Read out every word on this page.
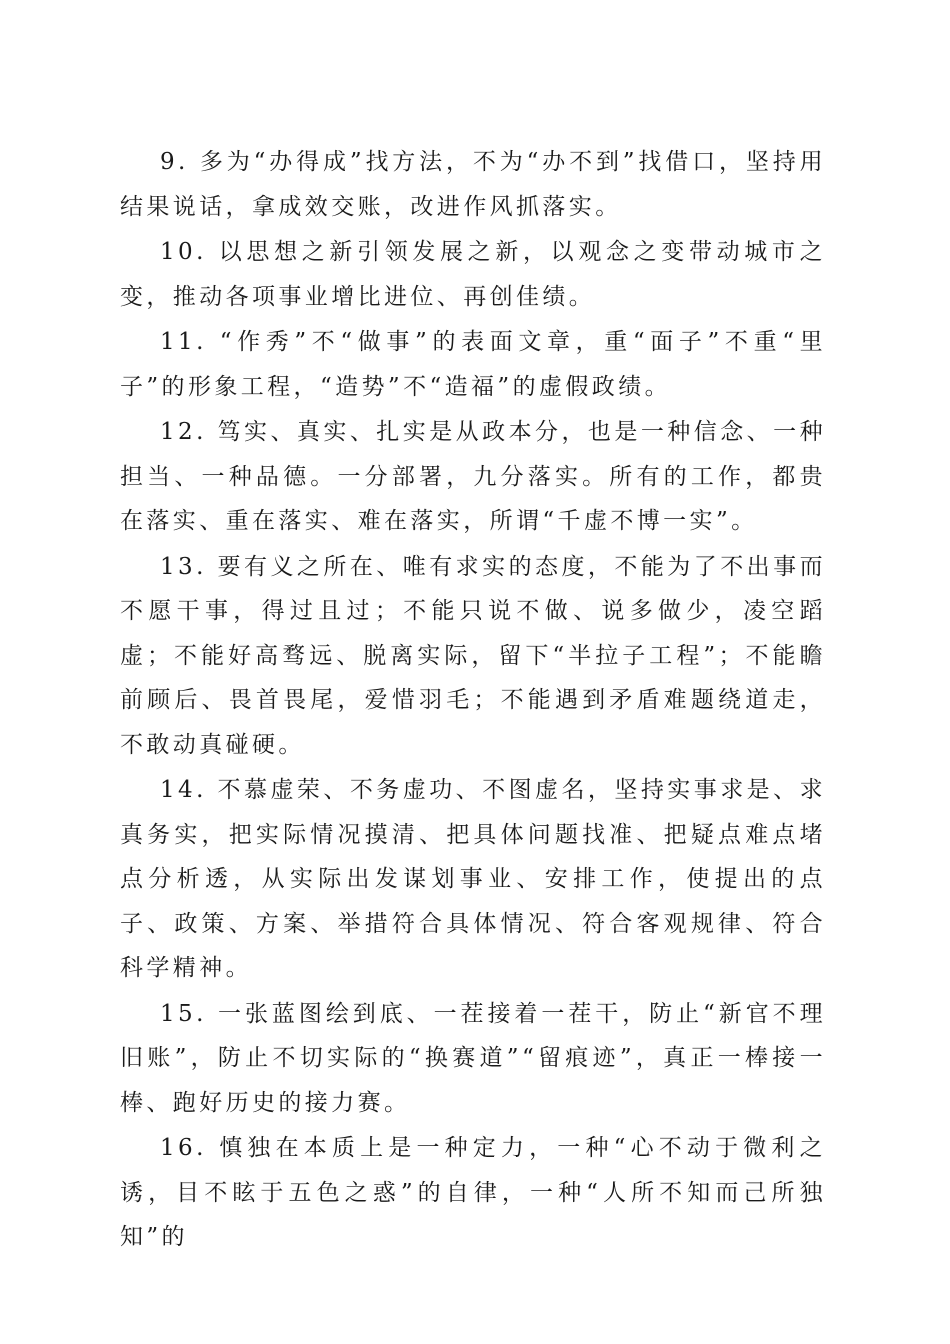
9. 多为“办得成”找方法，不为“办不到”找借口，坚持用结果说话，拿成效交账，改进作风抓落实。

10. 以思想之新引领发展之新，以观念之变带动城市之变，推动各项事业增比进位、再创佳绩。

11. “作秀”不“做事”的表面文章，重“面子”不重“里子”的形象工程，“造势”不“造福”的虚假政绩。

12. 笃实、真实、扎实是从政本分，也是一种信念、一种担当、一种品德。一分部署，九分落实。所有的工作，都贵在落实、重在落实、难在落实，所谓“千虚不博一实”。

13. 要有义之所在、唯有求实的态度，不能为了不出事而不愿干事，得过且过；不能只说不做、说多做少，凌空蹈虚；不能好高骛远、脱离实际，留下“半拉子工程”；不能瞻前顾后、畏首畏尾，爱惜羽毛；不能遇到矛盾难题绕道走，不敢动真碰硬。

14. 不慕虚荣、不务虚功、不图虚名，坚持实事求是、求真务实，把实际情况摸清、把具体问题找准、把疑点难点堵点分析透，从实际出发谋划事业、安排工作，使提出的点子、政策、方案、举措符合具体情况、符合客观规律、符合科学精神。

15. 一张蓝图绘到底、一茬接着一茬干，防止“新官不理旧账”，防止不切实际的“换赛道”“留痕迹”，真正一棒接一棒、跑好历史的接力赛。

16. 慎独在本质上是一种定力，一种“心不动于微利之诱，目不眩于五色之惑”的自律，一种“人所不知而己所独知”的
